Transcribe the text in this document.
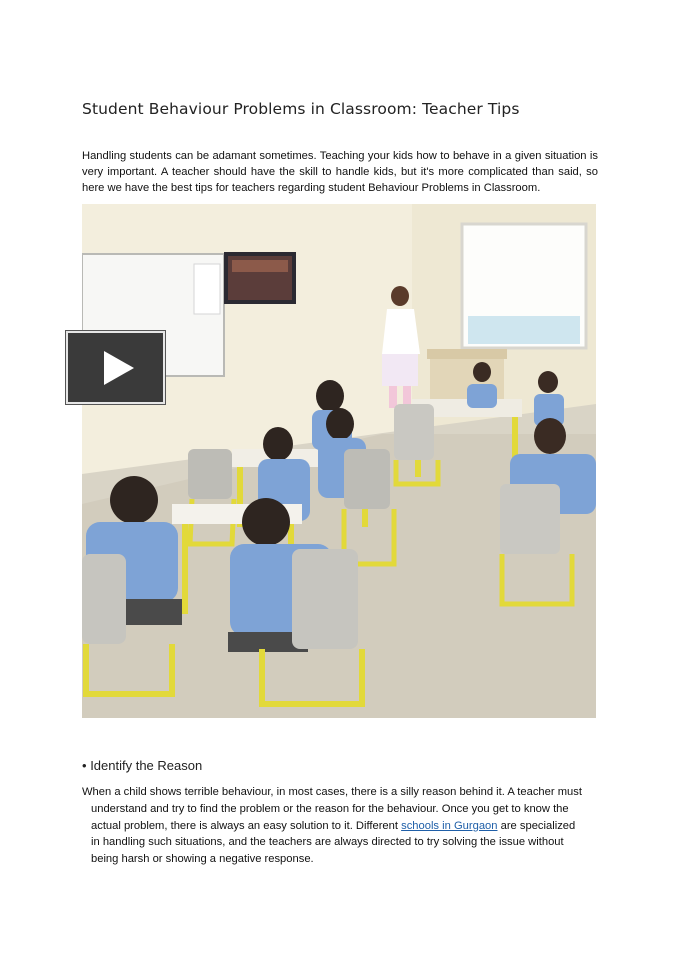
Student Behaviour Problems in Classroom: Teacher Tips
Handling students can be adamant sometimes. Teaching your kids how to behave in a given situation is very important. A teacher should have the skill to handle kids, but it's more complicated than said, so here we have the best tips for teachers regarding student Behaviour Problems in Classroom.
• Identify the Reason

When a child shows terrible behaviour, in most cases, there is a silly reason behind it. A teacher must understand and try to find the problem or the reason for the behaviour. Once you get to know the actual problem, there is always an easy solution to it. Different schools in Gurgaon are specialized in handling such situations, and the teachers are always directed to try solving the issue without being harsh or showing a negative response.
